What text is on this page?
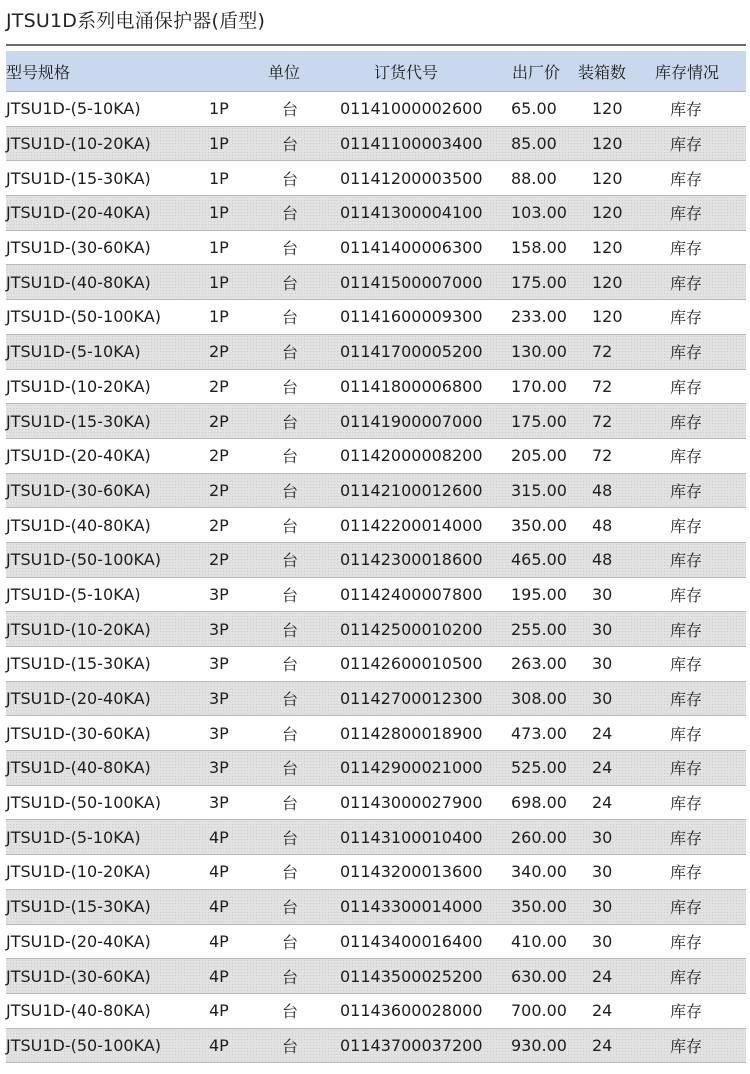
JTSU1D系列电涌保护器(盾型)
型号规格	单位	订货代号	出厂价 装箱数 库存情况
JTSU1D-(5-10KA)	1P	台	01141000002600 65.00 120	库存
JTSU1D-(10-20KA)	1P	台	01141100003400 85.00 120	库存
JTSU1D-(15-30KA)	1P	台	01141200003500 88.00 120	库存
JTSU1D-(20-40KA)	1P	台	01141300004100 103.00 120	库存
JTSU1D-(30-60KA)	1P	台	01141400006300 158.00 120	库存
JTSU1D-(40-80KA)	1P	台	01141500007000 175.00 120	库存
JTSU1D-(50-100KA)	1P	台	01141600009300 233.00 120	库存
JTSU1D-(5-10KA)	2P	台	01141700005200 130.00 72	库存
JTSU1D-(10-20KA)	2P	台	01141800006800 170.00 72	库存
JTSU1D-(15-30KA)	2P	台	01141900007000 175.00 72	库存
JTSU1D-(20-40KA)	2P	台	01142000008200 205.00 72	库存
JTSU1D-(30-60KA)	2P	台	01142100012600 315.00 48	库存
JTSU1D-(40-80KA)	2P	台	01142200014000 350.00 48	库存
JTSU1D-(50-100KA)	2P	台	01142300018600 465.00 48	库存
JTSU1D-(5-10KA)	3P	台	01142400007800 195.00 30	库存
JTSU1D-(10-20KA)	3P	台	01142500010200 255.00 30	库存
JTSU1D-(15-30KA)	3P	台	01142600010500 263.00 30	库存
JTSU1D-(20-40KA)	3P	台	01142700012300 308.00 30	库存
JTSU1D-(30-60KA)	3P	台	01142800018900 473.00 24	库存
JTSU1D-(40-80KA)	3P	台	01142900021000 525.00 24	库存
JTSU1D-(50-100KA)	3P	台	01143000027900 698.00 24	库存
JTSU1D-(5-10KA)	4P	台	01143100010400 260.00 30	库存
JTSU1D-(10-20KA)	4P	台	01143200013600 340.00 30	库存
JTSU1D-(15-30KA)	4P	台	01143300014000 350.00 30	库存
JTSU1D-(20-40KA)	4P	台	01143400016400 410.00 30	库存
JTSU1D-(30-60KA)	4P	台	01143500025200 630.00 24	库存
JTSU1D-(40-80KA)	4P	台	01143600028000 700.00 24	库存
JTSU1D-(50-100KA)	4P	台	01143700037200 930.00 24	库存
